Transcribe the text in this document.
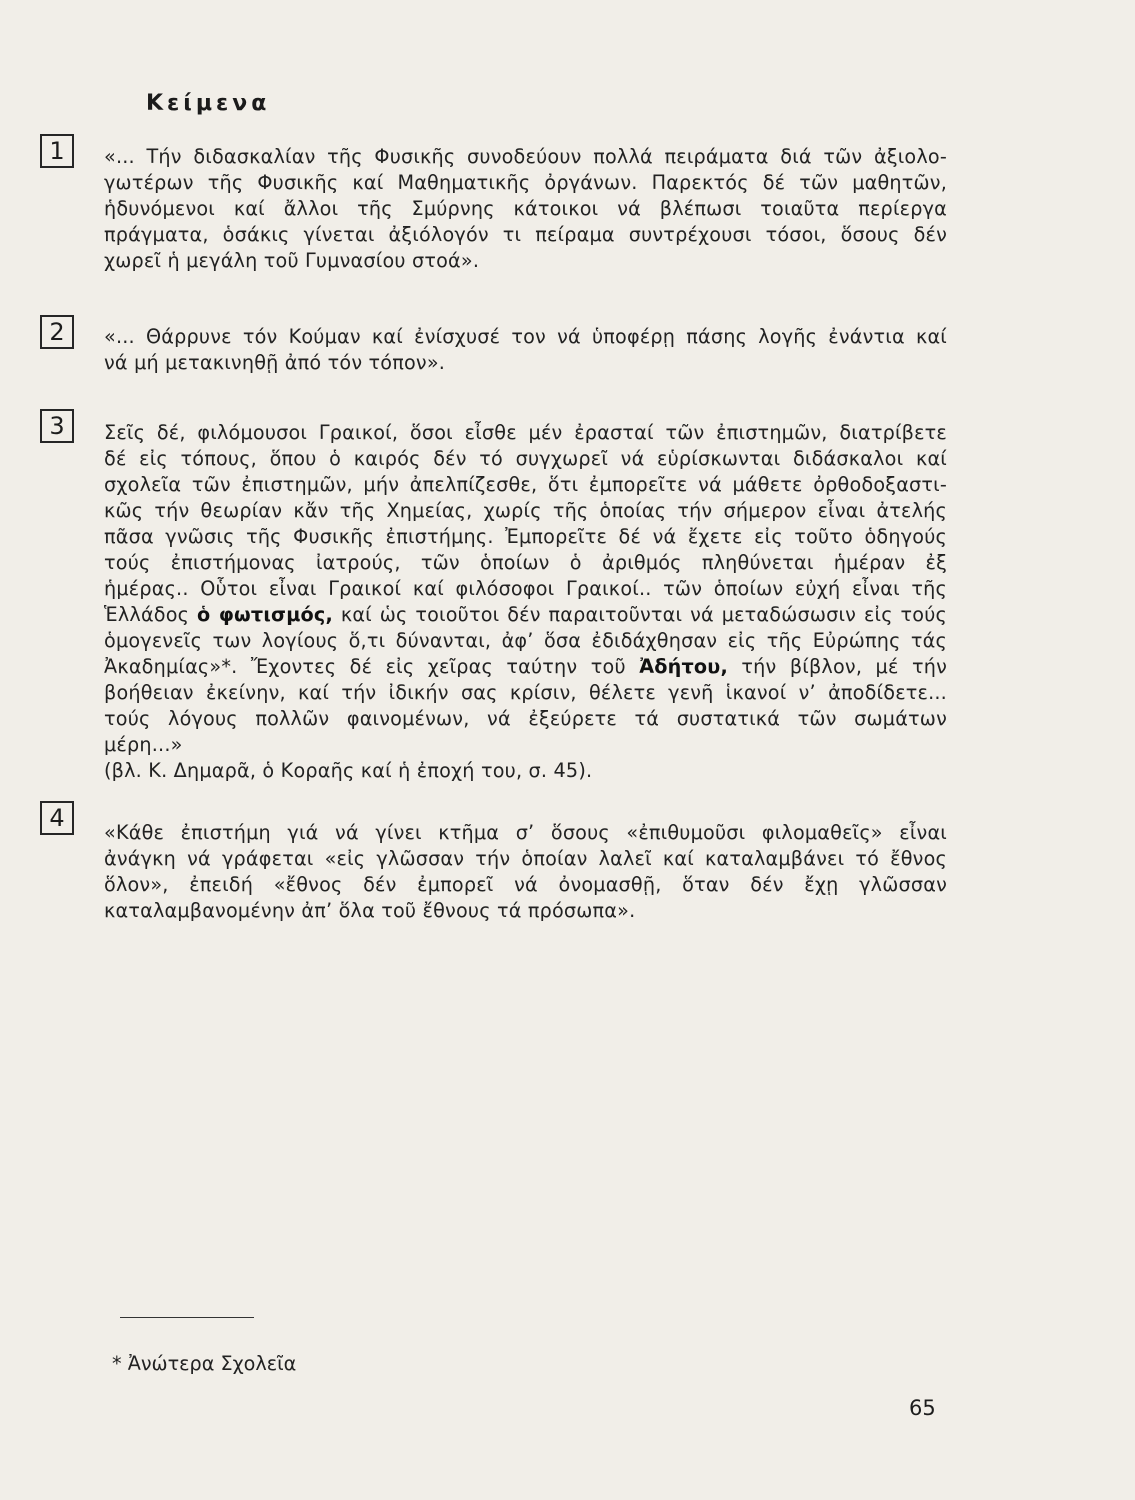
Κείμενα
1	«... Τήν διδασκαλίαν τῆς Φυσικῆς συνοδεύουν πολλά πειράματα διά τῶν ἀξιολο-
γωτέρων τῆς Φυσικῆς καί Μαθηματικῆς ὀργάνων. Παρεκτός δέ τῶν μαθητῶν,
ἡδυνόμενοι καί ἄλλοι τῆς Σμύρνης κάτοικοι νά βλέπωσι τοιαῦτα περίεργα
πράγματα, ὁσάκις γίνεται ἀξιόλογόν τι πείραμα συντρέχουσι τόσοι, ὅσους δέν
χωρεῖ ἡ μεγάλη τοῦ Γυμνασίου στοά».
2	«... Θάρρυνε τόν Κούμαν καί ἐνίσχυσέ τον νά ὑποφέρῃ πάσης λογῆς ἐνάντια καί
νά μή μετακινηθῇ ἀπό τόν τόπον».
3	Σεῖς δέ, φιλόμουσοι Γραικοί, ὅσοι εἶσθε μέν ἐρασταί τῶν ἐπιστημῶν, διατρίβετε
δέ εἰς τόπους, ὅπου ὁ καιρός δέν τό συγχωρεῖ νά εὑρίσκωνται διδάσκαλοι καί
σχολεῖα τῶν ἐπιστημῶν, μήν ἀπελπίζεσθε, ὅτι ἐμπορεῖτε νά μάθετε ὀρθοδοξαστι-
κῶς τήν θεωρίαν κἄν τῆς Χημείας, χωρίς τῆς ὁποίας τήν σήμερον εἶναι ἀτελής
πᾶσα γνῶσις τῆς Φυσικῆς ἐπιστήμης. Ἐμπορεῖτε δέ νά ἔχετε εἰς τοῦτο ὁδηγούς
τούς ἐπιστήμονας ἰατρούς, τῶν ὁποίων ὁ ἀριθμός πληθύνεται ἡμέραν ἐξ
ἡμέρας.. Οὗτοι εἶναι Γραικοί καί φιλόσοφοι Γραικοί.. τῶν ὁποίων εὐχή εἶναι τῆς
Ἑλλάδος ὁ φωτισμός, καί ὡς τοιοῦτοι δέν παραιτοῦνται νά μεταδώσωσιν εἰς τούς
ὁμογενεῖς των λογίους ὅ,τι δύνανται, ἀφ’ ὅσα ἐδιδάχθησαν εἰς τῆς Εὐρώπης τάς
Ἀκαδημίας»*. Ἔχοντες δέ εἰς χεῖρας ταύτην τοῦ Ἀδήτου, τήν βίβλον, μέ τήν
βοήθειαν ἐκείνην, καί τήν ἰδικήν σας κρίσιν, θέλετε γενῆ ἱκανοί ν’ ἀποδίδετε...
τούς λόγους πολλῶν φαινομένων, νά ἐξεύρετε τά συστατικά τῶν σωμάτων
μέρη...»
(βλ. Κ. Δημαρᾶ, ὁ Κοραῆς καί ἡ ἐποχή του, σ. 45).
4
«Κάθε ἐπιστήμη γιά νά γίνει κτῆμα σ’ ὅσους «ἐπιθυμοῦσι φιλομαθεῖς» εἶναι
ἀνάγκη νά γράφεται «εἰς γλῶσσαν τήν ὁποίαν λαλεῖ καί καταλαμβάνει τό ἔθνος
ὅλον», ἐπειδή «ἔθνος δέν ἐμπορεῖ νά ὀνομασθῇ, ὅταν δέν ἔχῃ γλῶσσαν
καταλαμβανομένην ἀπ’ ὅλα τοῦ ἔθνους τά πρόσωπα».
* Ἀνώτερα Σχολεῖα
65
